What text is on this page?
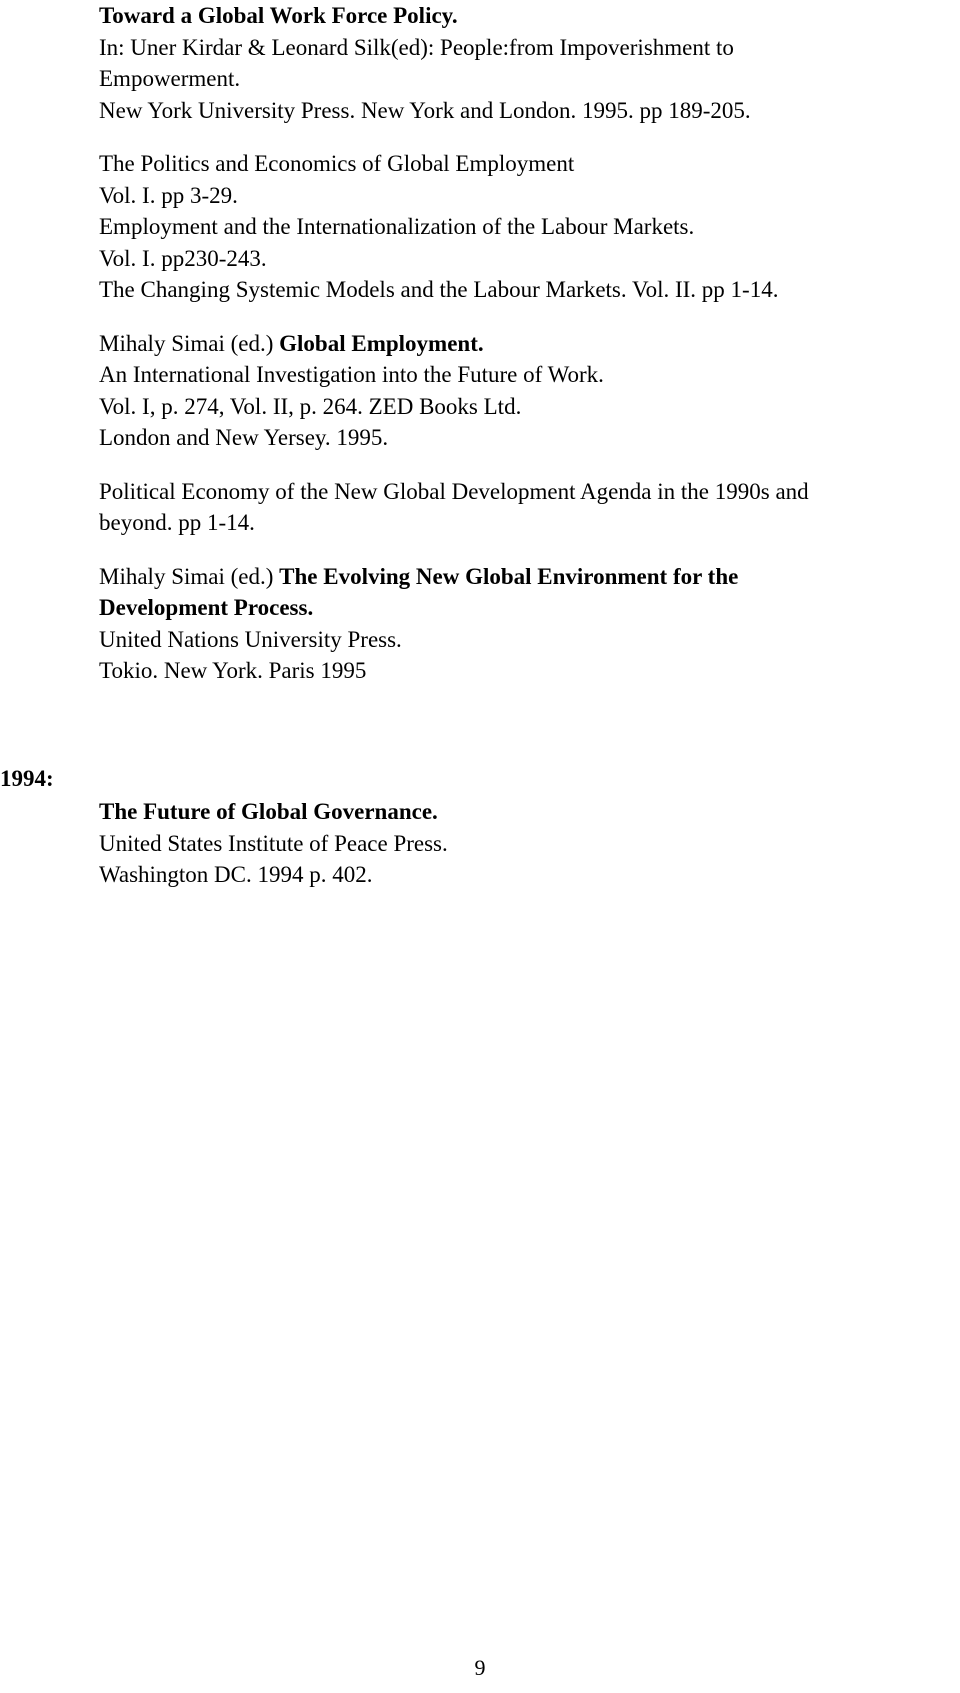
Toward a Global Work Force Policy.
In: Uner Kirdar & Leonard Silk(ed): People:from Impoverishment to
Empowerment.
New York University Press. New York and London. 1995. pp 189-205.
The Politics and Economics of Global Employment
Vol. I. pp 3-29.
Employment and the Internationalization of the Labour Markets.
Vol. I. pp230-243.
The Changing Systemic Models and the Labour Markets. Vol. II. pp 1-14.
Mihaly Simai (ed.) Global Employment.
An International Investigation into the Future of Work.
Vol. I, p. 274, Vol. II, p. 264. ZED Books Ltd.
London and New Yersey. 1995.
Political Economy of the New Global Development Agenda in the 1990s and
beyond. pp 1-14.
Mihaly Simai (ed.) The Evolving New Global Environment for the
Development Process.
United Nations University Press.
Tokio. New York. Paris 1995
1994:
The Future of Global Governance.
United States Institute of Peace Press.
Washington DC. 1994 p. 402.
9
